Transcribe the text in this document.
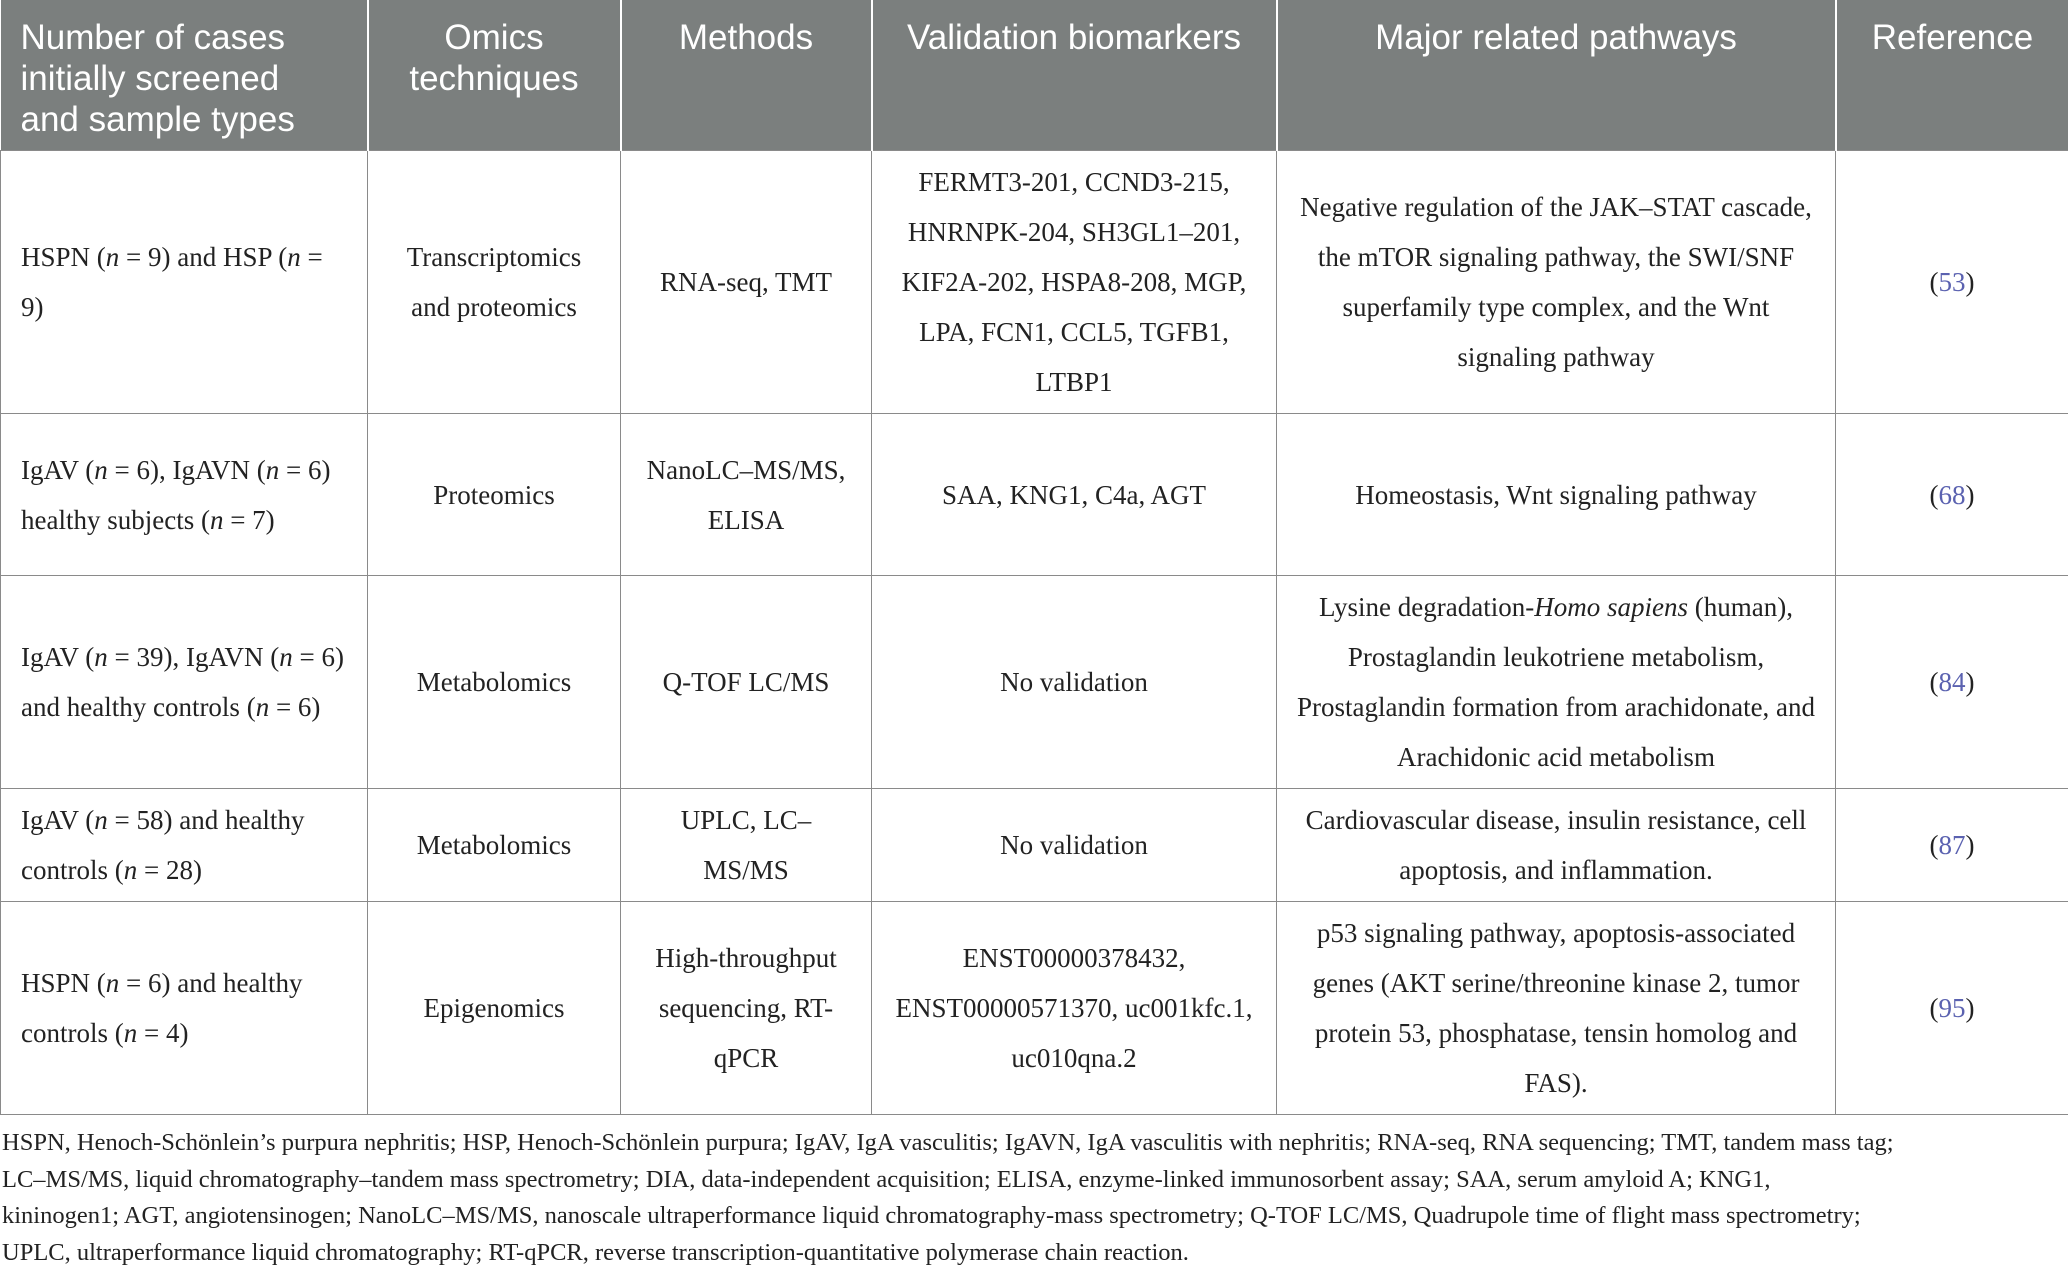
Number of cases initially screened and sample types	Omics techniques	Methods	Validation biomarkers	Major related pathways	Reference
HSPN (n = 9) and HSP (n = 9)	Transcriptomics and proteomics	RNA-seq, TMT	FERMT3-201, CCND3-215, HNRNPK-204, SH3GL1–201, KIF2A-202, HSPA8-208, MGP, LPA, FCN1, CCL5, TGFB1, LTBP1	Negative regulation of the JAK–STAT cascade, the mTOR signaling pathway, the SWI/SNF superfamily type complex, and the Wnt signaling pathway	(53)
IgAV (n = 6), IgAVN (n = 6) healthy subjects (n = 7)	Proteomics	NanoLC–MS/MS, ELISA	SAA, KNG1, C4a, AGT	Homeostasis, Wnt signaling pathway	(68)
IgAV (n = 39), IgAVN (n = 6) and healthy controls (n = 6)	Metabolomics	Q-TOF LC/MS	No validation	Lysine degradation-Homo sapiens (human), Prostaglandin leukotriene metabolism, Prostaglandin formation from arachidonate, and Arachidonic acid metabolism	(84)
IgAV (n = 58) and healthy controls (n = 28)	Metabolomics	UPLC, LC–MS/MS	No validation	Cardiovascular disease, insulin resistance, cell apoptosis, and inflammation.	(87)
HSPN (n = 6) and healthy controls (n = 4)	Epigenomics	High-throughput sequencing, RT-qPCR	ENST00000378432, ENST00000571370, uc001kfc.1, uc010qna.2	p53 signaling pathway, apoptosis-associated genes (AKT serine/threonine kinase 2, tumor protein 53, phosphatase, tensin homolog and FAS).	(95)
HSPN, Henoch-Schönlein’s purpura nephritis; HSP, Henoch-Schönlein purpura; IgAV, IgA vasculitis; IgAVN, IgA vasculitis with nephritis; RNA-seq, RNA sequencing; TMT, tandem mass tag;
LC–MS/MS, liquid chromatography–tandem mass spectrometry; DIA, data-independent acquisition; ELISA, enzyme-linked immunosorbent assay; SAA, serum amyloid A; KNG1,
kininogen1; AGT, angiotensinogen; NanoLC–MS/MS, nanoscale ultraperformance liquid chromatography-mass spectrometry; Q-TOF LC/MS, Quadrupole time of flight mass spectrometry;
UPLC, ultraperformance liquid chromatography; RT-qPCR, reverse transcription-quantitative polymerase chain reaction.
